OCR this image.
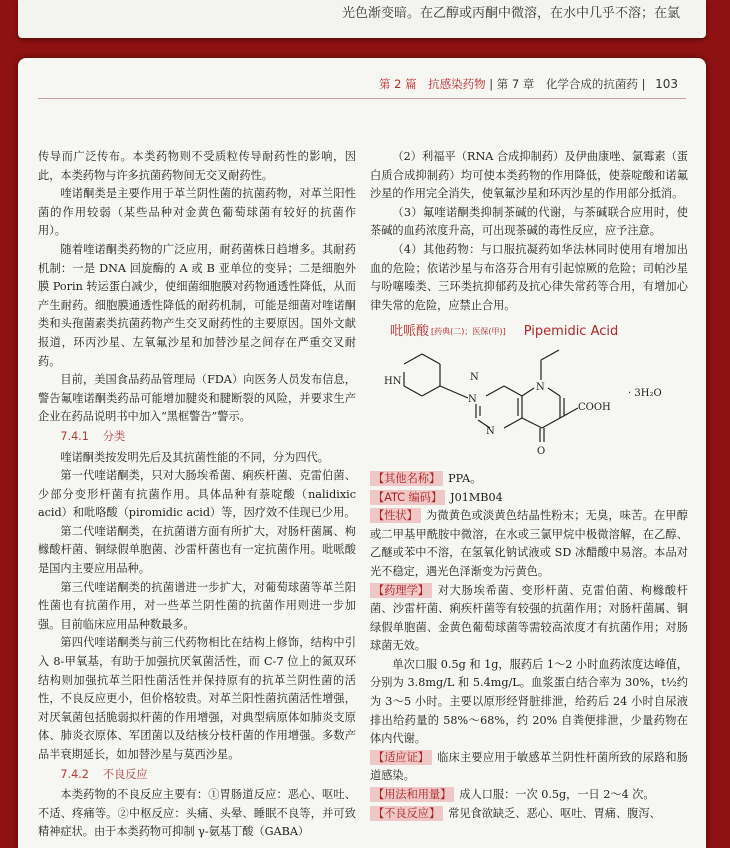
光色渐变暗。在乙醇或丙酮中微溶，在水中几乎不溶；在氯
第 2 篇　抗感染药物 | 第 7 章　化学合成的抗菌药 | 103

传导而广泛传布。本类药物则不受质粒传导耐药性的影响，因此，本类药物与许多抗菌药物间无交叉耐药性。

喹诺酮类是主要作用于革兰阴性菌的抗菌药物，对革兰阳性菌的作用较弱（某些品种对金黄色葡萄球菌有较好的抗菌作用）。

随着喹诺酮类药物的广泛应用，耐药菌株日趋增多。其耐药机制：一是 DNA 回旋酶的 A 或 B 亚单位的变异；二是细胞外膜 Porin 转运蛋白减少，使细菌细胞膜对药物通透性降低，从而产生耐药。细胞膜通透性降低的耐药机制，可能是细菌对喹诺酮类和头孢菌素类抗菌药物产生交叉耐药性的主要原因。国外文献报道，环丙沙星、左氧氟沙星和加替沙星之间存在严重交叉耐药。

目前，美国食品药品管理局（FDA）向医务人员发布信息，警告氟喹诺酮类药品可能增加腱炎和腱断裂的风险，并要求生产企业在药品说明书中加入“黑框警告”警示。

7.4.1 分类

喹诺酮类按发明先后及其抗菌性能的不同，分为四代。

第一代喹诺酮类，只对大肠埃希菌、痢疾杆菌、克雷伯菌、少部分变形杆菌有抗菌作用。具体品种有萘啶酸（nalidixic acid）和吡咯酸（piromidic acid）等，因疗效不佳现已少用。

第二代喹诺酮类，在抗菌谱方面有所扩大，对肠杆菌属、枸橼酸杆菌、铜绿假单胞菌、沙雷杆菌也有一定抗菌作用。吡哌酸是国内主要应用品种。

第三代喹诺酮类的抗菌谱进一步扩大，对葡萄球菌等革兰阳性菌也有抗菌作用，对一些革兰阴性菌的抗菌作用则进一步加强。目前临床应用品种数最多。

第四代喹诺酮类与前三代药物相比在结构上修饰，结构中引入 8-甲氧基，有助于加强抗厌氧菌活性，而 C-7 位上的氮双环结构则加强抗革兰阳性菌活性并保持原有的抗革兰阴性菌的活性，不良反应更小，但价格较贵。对革兰阳性菌抗菌活性增强，对厌氧菌包括脆弱拟杆菌的作用增强，对典型病原体如肺炎支原体、肺炎衣原体、军团菌以及结核分枝杆菌的作用增强。多数产品半衰期延长，如加替沙星与莫西沙星。

7.4.2 不良反应

本类药物的不良反应主要有：①胃肠道反应：恶心、呕吐、不适、疼痛等。②中枢反应：头痛、头晕、睡眠不良等，并可致精神症状。由于本类药物可抑制 γ-氨基丁酸（GABA）

（2）利福平（RNA 合成抑制药）及伊曲康唑、氯霉素（蛋白质合成抑制药）均可使本类药物的作用降低，使萘啶酸和诺氟沙星的作用完全消失，使氧氟沙星和环丙沙星的作用部分抵消。

（3）氟喹诺酮类抑制茶碱的代谢，与茶碱联合应用时，使茶碱的血药浓度升高，可出现茶碱的毒性反应，应予注意。

（4）其他药物：与口服抗凝药如华法林同时使用有增加出血的危险；依诺沙星与布洛芬合用有引起惊厥的危险；司帕沙星与吩噻嗪类、三环类抗抑郁药及抗心律失常药等合用，有增加心律失常的危险，应禁止合用。

吡哌酸 [药典(二)；医保(甲)] Pipemidic Acid
HN
N
N
N
N
COOH
O
· 3H₂O

【其他名称】 PPA。

【ATC 编码】 J01MB04

【性状】 为微黄色或淡黄色结晶性粉末；无臭，味苦。在甲醇或二甲基甲酰胺中微溶，在水或三氯甲烷中极微溶解，在乙醇、乙醚或苯中不溶，在氢氧化钠试液或 SD 冰醋酸中易溶。本品对光不稳定，遇光色泽渐变为污黄色。

【药理学】 对大肠埃希菌、变形杆菌、克雷伯菌、枸橼酸杆菌、沙雷杆菌、痢疾杆菌等有较强的抗菌作用；对肠杆菌属、铜绿假单胞菌、金黄色葡萄球菌等需较高浓度才有抗菌作用；对肠球菌无效。

单次口服 0.5g 和 1g，服药后 1～2 小时血药浓度达峰值，分别为 3.8mg/L 和 5.4mg/L。血浆蛋白结合率为 30%，t½约为 3～5 小时。主要以原形经肾脏排泄，给药后 24 小时自尿液排出给药量的 58%～68%，约 20% 自粪便排泄，少量药物在体内代谢。

【适应证】 临床主要应用于敏感革兰阴性杆菌所致的尿路和肠道感染。

【用法和用量】 成人口服：一次 0.5g，一日 2～4 次。

【不良反应】 常见食欲缺乏、恶心、呕吐、胃痛、腹泻、
